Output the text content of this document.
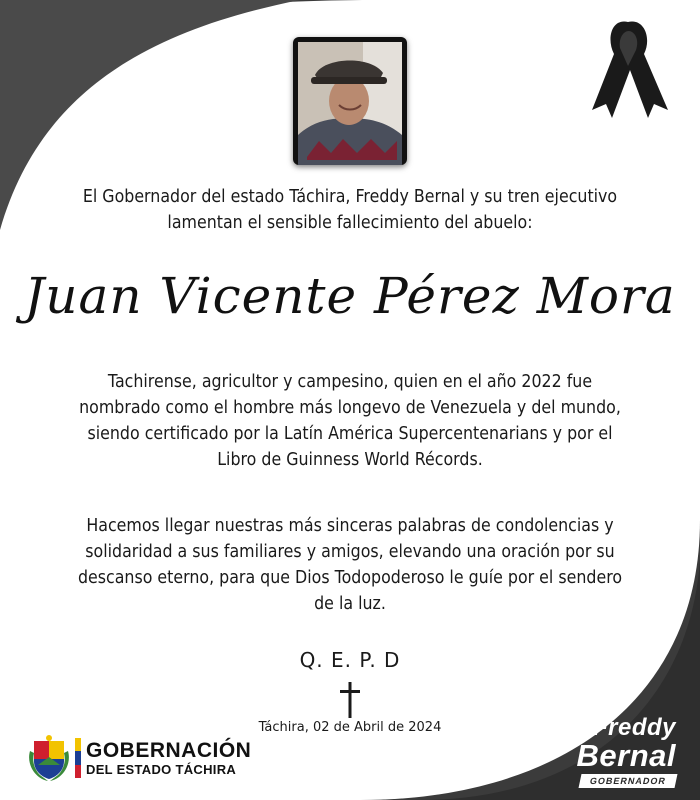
El Gobernador del estado Táchira, Freddy Bernal y su tren ejecutivo lamentan el sensible fallecimiento del abuelo:
Juan Vicente Pérez Mora
Tachirense, agricultor y campesino, quien en el año 2022 fue nombrado como el hombre más longevo de Venezuela y del mundo, siendo certificado por la Latín América Supercentenarians y por el Libro de Guinness World Récords.
Hacemos llegar nuestras más sinceras palabras de condolencias y solidaridad a sus familiares y amigos, elevando una oración por su descanso eterno, para que Dios Todopoderoso le guíe por el sendero de la luz.
Q. E. P. D
Táchira, 02 de Abril de 2024
GOBERNACIÓN
DEL ESTADO TÁCHIRA
Freddy
Bernal
GOBERNADOR
